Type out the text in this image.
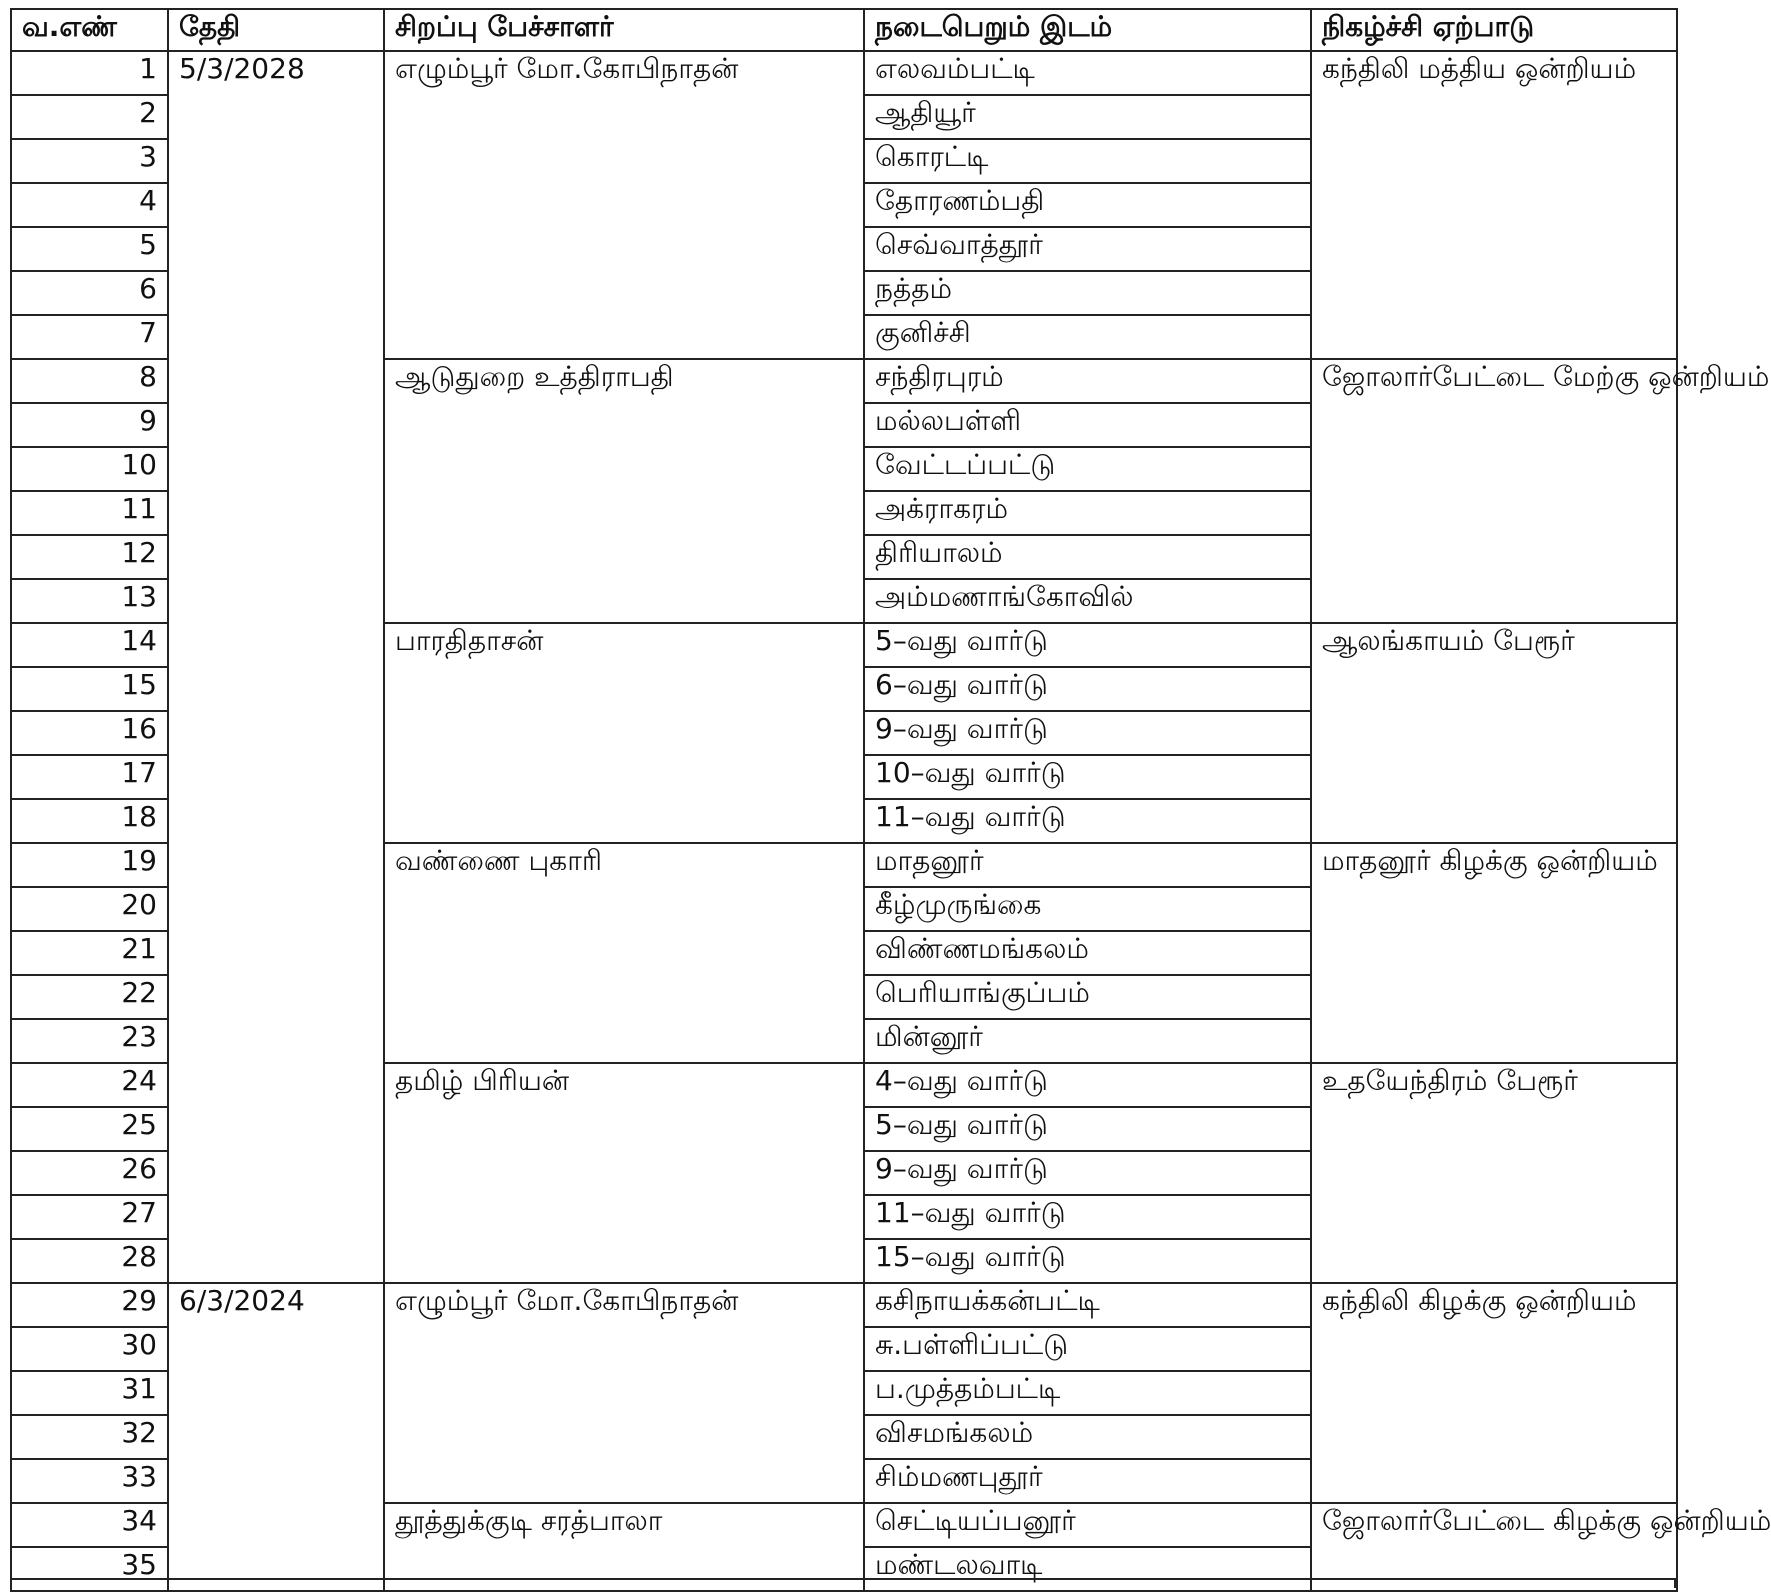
வ.எண்	தேதி	சிறப்பு பேச்சாளர்	நடைபெறும் இடம்	நிகழ்ச்சி ஏற்பாடு
1	5/3/2028	எழும்பூர் மோ.கோபிநாதன்	எலவம்பட்டி	கந்திலி மத்திய ஒன்றியம்
2			ஆதியூர்	
3			கொரட்டி	
4			தோரணம்பதி	
5			செவ்வாத்தூர்	
6			நத்தம்	
7			குனிச்சி	
8		ஆடுதுறை உத்திராபதி	சந்திரபுரம்	ஜோலார்பேட்டை மேற்கு ஒன்றியம்
9			மல்லபள்ளி	
10			வேட்டப்பட்டு	
11			அக்ராகரம்	
12			திரியாலம்	
13			அம்மணாங்கோவில்	
14		பாரதிதாசன்	5–வது வார்டு	ஆலங்காயம் பேரூர்
15			6–வது வார்டு	
16			9–வது வார்டு	
17			10–வது வார்டு	
18			11–வது வார்டு	
19		வண்ணை புகாரி	மாதனூர்	மாதனூர் கிழக்கு ஒன்றியம்
20			கீழ்முருங்கை	
21			விண்ணமங்கலம்	
22			பெரியாங்குப்பம்	
23			மின்னூர்	
24		தமிழ் பிரியன்	4–வது வார்டு	உதயேந்திரம் பேரூர்
25			5–வது வார்டு	
26			9–வது வார்டு	
27			11–வது வார்டு	
28			15–வது வார்டு	
29	6/3/2024	எழும்பூர் மோ.கோபிநாதன்	கசிநாயக்கன்பட்டி	கந்திலி கிழக்கு ஒன்றியம்
30			சு.பள்ளிப்பட்டு	
31			ப.முத்தம்பட்டி	
32			விசமங்கலம்	
33			சிம்மணபுதூர்	
34		தூத்துக்குடி சரத்பாலா	செட்டியப்பனூர்	ஜோலார்பேட்டை கிழக்கு ஒன்றியம்
35			மண்டலவாடி	
